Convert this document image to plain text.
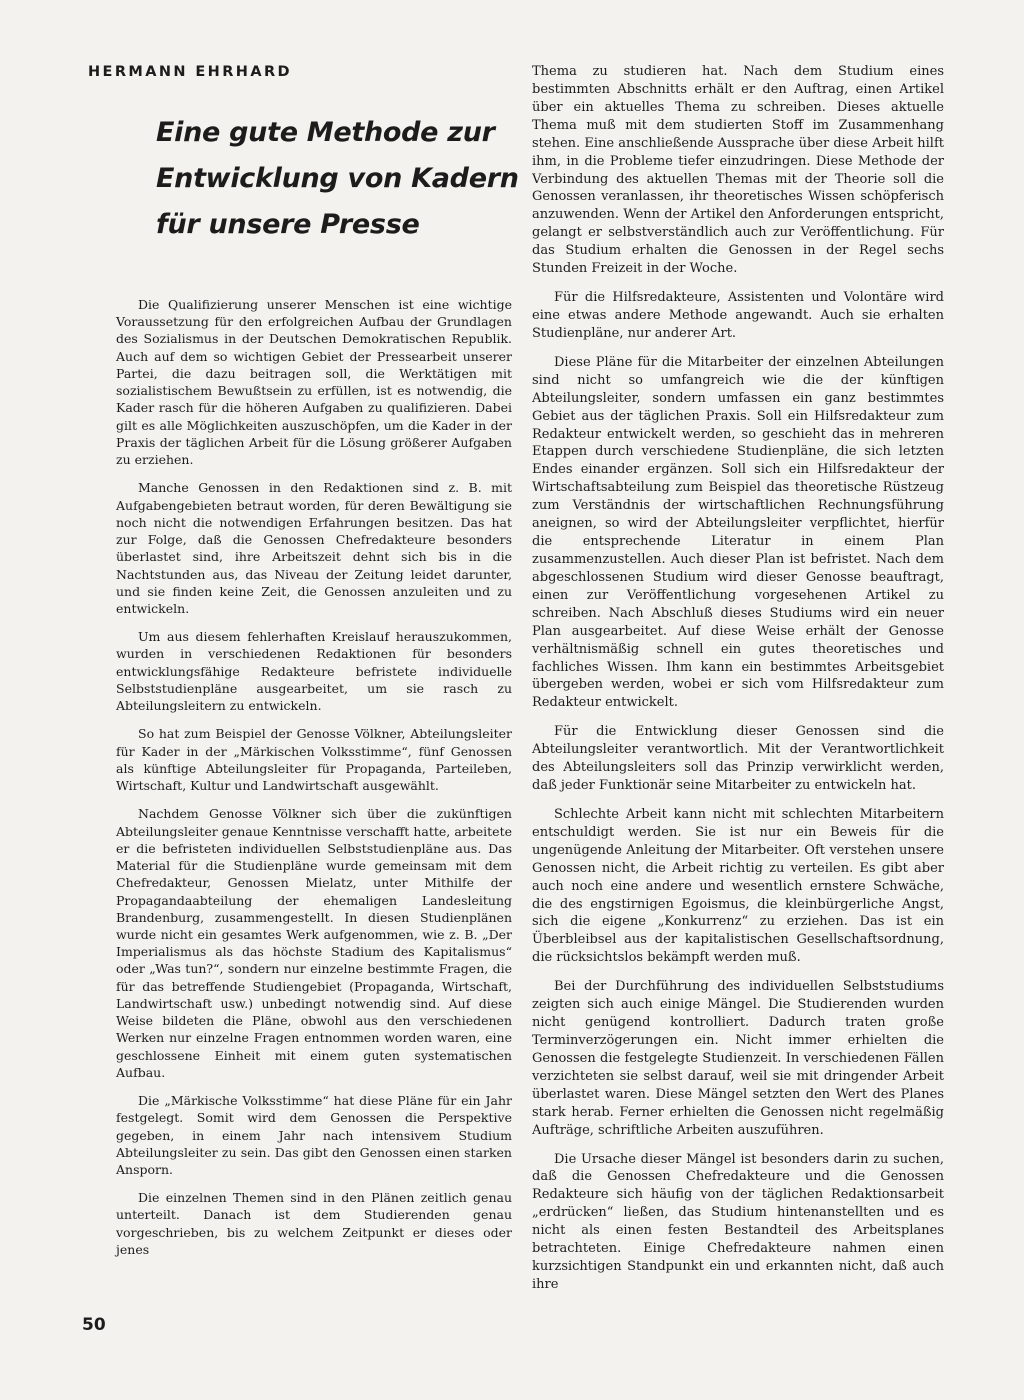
HERMANN EHRHARD
Eine gute Methode zur Entwicklung von Kadern für unsere Presse

Die Qualifizierung unserer Menschen ist eine wichtige Voraussetzung für den erfolgreichen Aufbau der Grundlagen des Sozialismus in der Deutschen Demokratischen Republik. Auch auf dem so wichtigen Gebiet der Pressearbeit unserer Partei, die dazu beitragen soll, die Werktätigen mit sozialistischem Bewußtsein zu erfüllen, ist es notwendig, die Kader rasch für die höheren Aufgaben zu qualifizieren. Dabei gilt es alle Möglichkeiten auszuschöpfen, um die Kader in der Praxis der täglichen Arbeit für die Lösung größerer Aufgaben zu erziehen.

Manche Genossen in den Redaktionen sind z. B. mit Aufgabengebieten betraut worden, für deren Bewältigung sie noch nicht die notwendigen Erfahrungen besitzen. Das hat zur Folge, daß die Genossen Chefredakteure besonders überlastet sind, ihre Arbeitszeit dehnt sich bis in die Nachtstunden aus, das Niveau der Zeitung leidet darunter, und sie finden keine Zeit, die Genossen anzuleiten und zu entwickeln.

Um aus diesem fehlerhaften Kreislauf herauszukommen, wurden in verschiedenen Redaktionen für besonders entwicklungsfähige Redakteure befristete individuelle Selbststudienpläne ausgearbeitet, um sie rasch zu Abteilungsleitern zu entwickeln.

So hat zum Beispiel der Genosse Völkner, Abteilungsleiter für Kader in der „Märkischen Volksstimme“, fünf Genossen als künftige Abteilungsleiter für Propaganda, Parteileben, Wirtschaft, Kultur und Landwirtschaft ausgewählt.

Nachdem Genosse Völkner sich über die zukünftigen Abteilungsleiter genaue Kenntnisse verschafft hatte, arbeitete er die befristeten individuellen Selbststudienpläne aus. Das Material für die Studienpläne wurde gemeinsam mit dem Chefredakteur, Genossen Mielatz, unter Mithilfe der Propagandaabteilung der ehemaligen Landesleitung Brandenburg, zusammengestellt. In diesen Studienplänen wurde nicht ein gesamtes Werk aufgenommen, wie z. B. „Der Imperialismus als das höchste Stadium des Kapitalismus“ oder „Was tun?“, sondern nur einzelne bestimmte Fragen, die für das betreffende Studiengebiet (Propaganda, Wirtschaft, Landwirtschaft usw.) unbedingt notwendig sind. Auf diese Weise bildeten die Pläne, obwohl aus den verschiedenen Werken nur einzelne Fragen entnommen worden waren, eine geschlossene Einheit mit einem guten systematischen Aufbau.

Die „Märkische Volksstimme“ hat diese Pläne für ein Jahr festgelegt. Somit wird dem Genossen die Perspektive gegeben, in einem Jahr nach intensivem Studium Abteilungsleiter zu sein. Das gibt den Genossen einen starken Ansporn.

Die einzelnen Themen sind in den Plänen zeitlich genau unterteilt. Danach ist dem Studierenden genau vorgeschrieben, bis zu welchem Zeitpunkt er dieses oder jenes

Thema zu studieren hat. Nach dem Studium eines bestimmten Abschnitts erhält er den Auftrag, einen Artikel über ein aktuelles Thema zu schreiben. Dieses aktuelle Thema muß mit dem studierten Stoff im Zusammenhang stehen. Eine anschließende Aussprache über diese Arbeit hilft ihm, in die Probleme tiefer einzudringen. Diese Methode der Verbindung des aktuellen Themas mit der Theorie soll die Genossen veranlassen, ihr theoretisches Wissen schöpferisch anzuwenden. Wenn der Artikel den Anforderungen entspricht, gelangt er selbstverständlich auch zur Veröffentlichung. Für das Studium erhalten die Genossen in der Regel sechs Stunden Freizeit in der Woche.

Für die Hilfsredakteure, Assistenten und Volontäre wird eine etwas andere Methode angewandt. Auch sie erhalten Studienpläne, nur anderer Art.

Diese Pläne für die Mitarbeiter der einzelnen Abteilungen sind nicht so umfangreich wie die der künftigen Abteilungsleiter, sondern umfassen ein ganz bestimmtes Gebiet aus der täglichen Praxis. Soll ein Hilfsredakteur zum Redakteur entwickelt werden, so geschieht das in mehreren Etappen durch verschiedene Studienpläne, die sich letzten Endes einander ergänzen. Soll sich ein Hilfsredakteur der Wirtschaftsabteilung zum Beispiel das theoretische Rüstzeug zum Verständnis der wirtschaftlichen Rechnungsführung aneignen, so wird der Abteilungsleiter verpflichtet, hierfür die entsprechende Literatur in einem Plan zusammenzustellen. Auch dieser Plan ist befristet. Nach dem abgeschlossenen Studium wird dieser Genosse beauftragt, einen zur Veröffentlichung vorgesehenen Artikel zu schreiben. Nach Abschluß dieses Studiums wird ein neuer Plan ausgearbeitet. Auf diese Weise erhält der Genosse verhältnismäßig schnell ein gutes theoretisches und fachliches Wissen. Ihm kann ein bestimmtes Arbeitsgebiet übergeben werden, wobei er sich vom Hilfsredakteur zum Redakteur entwickelt.

Für die Entwicklung dieser Genossen sind die Abteilungsleiter verantwortlich. Mit der Verantwortlichkeit des Abteilungsleiters soll das Prinzip verwirklicht werden, daß jeder Funktionär seine Mitarbeiter zu entwickeln hat.

Schlechte Arbeit kann nicht mit schlechten Mitarbeitern entschuldigt werden. Sie ist nur ein Beweis für die ungenügende Anleitung der Mitarbeiter. Oft verstehen unsere Genossen nicht, die Arbeit richtig zu verteilen. Es gibt aber auch noch eine andere und wesentlich ernstere Schwäche, die des engstirnigen Egoismus, die kleinbürgerliche Angst, sich die eigene „Konkurrenz“ zu erziehen. Das ist ein Überbleibsel aus der kapitalistischen Gesellschaftsordnung, die rücksichtslos bekämpft werden muß.

Bei der Durchführung des individuellen Selbststudiums zeigten sich auch einige Mängel. Die Studierenden wurden nicht genügend kontrolliert. Dadurch traten große Terminverzögerungen ein. Nicht immer erhielten die Genossen die festgelegte Studienzeit. In verschiedenen Fällen verzichteten sie selbst darauf, weil sie mit dringender Arbeit überlastet waren. Diese Mängel setzten den Wert des Planes stark herab. Ferner erhielten die Genossen nicht regelmäßig Aufträge, schriftliche Arbeiten auszuführen.

Die Ursache dieser Mängel ist besonders darin zu suchen, daß die Genossen Chefredakteure und die Genossen Redakteure sich häufig von der täglichen Redaktionsarbeit „erdrücken“ ließen, das Studium hintenanstellten und es nicht als einen festen Bestandteil des Arbeitsplanes betrachteten. Einige Chefredakteure nahmen einen kurzsichtigen Standpunkt ein und erkannten nicht, daß auch ihre

50
